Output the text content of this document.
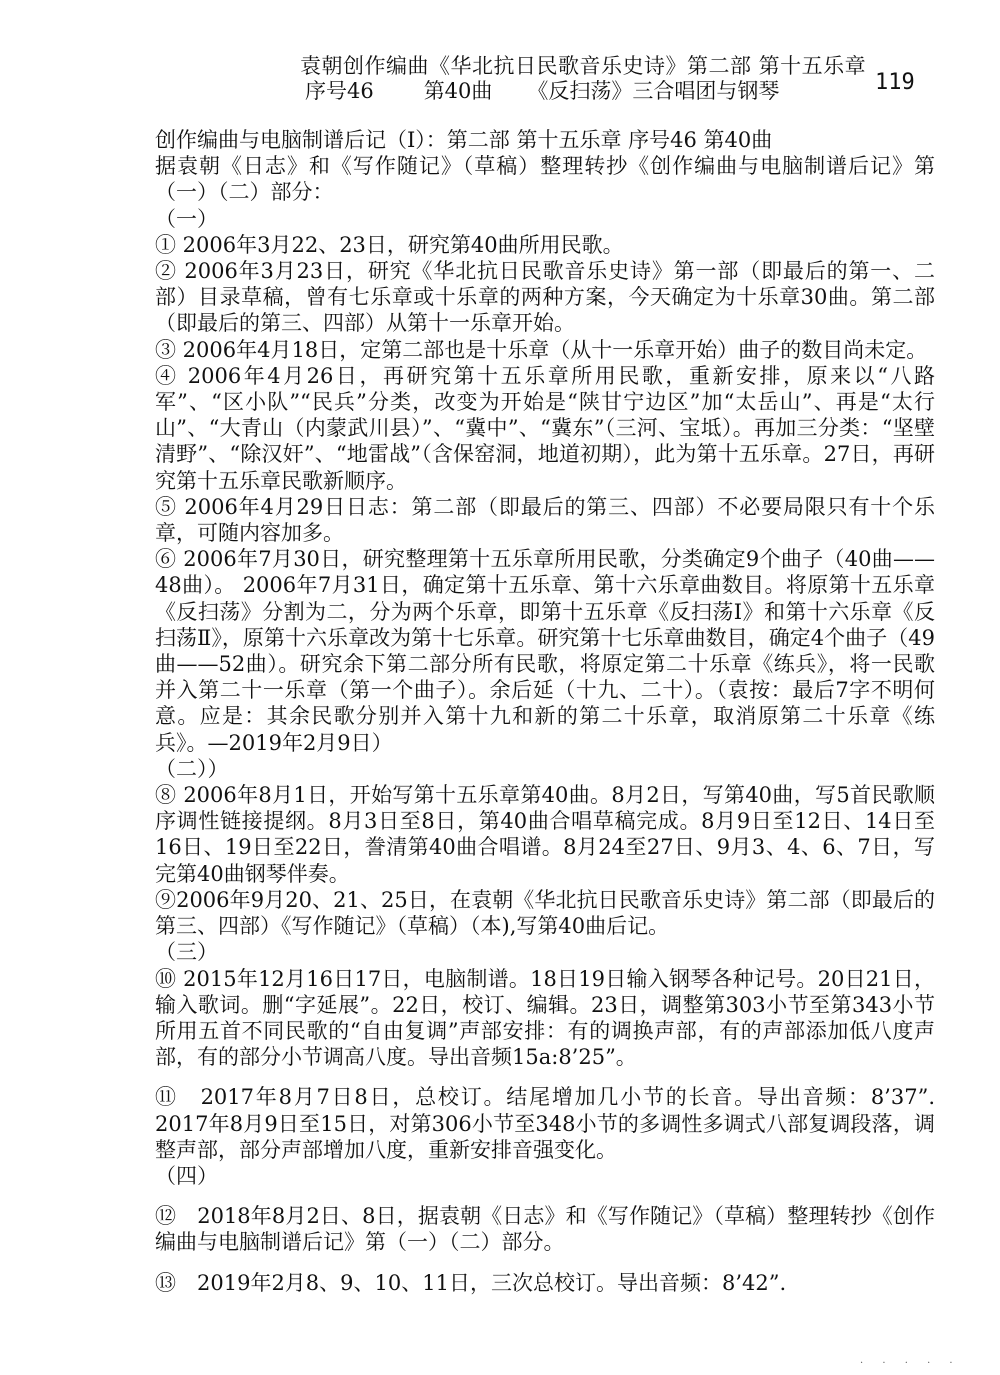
袁朝创作编曲《华北抗日民歌音乐史诗》第二部 第十五乐章
序号46 第40曲 《反扫荡》三合唱团与钢琴	119

创作编曲与电脑制谱后记（Ⅰ）：第二部 第十五乐章 序号46 第40曲

据袁朝《日志》和《写作随记》（草稿）整理转抄《创作编曲与电脑制谱后记》第（一）（二）部分：

（一）

① 2006年3月22、23日，研究第40曲所用民歌。

② 2006年3月23日，研究《华北抗日民歌音乐史诗》第一部（即最后的第一、二部）目录草稿，曾有七乐章或十乐章的两种方案，今天确定为十乐章30曲。第二部（即最后的第三、四部）从第十一乐章开始。

③ 2006年4月18日，定第二部也是十乐章（从十一乐章开始）曲子的数目尚未定。

④ 2006年4月26日，再研究第十五乐章所用民歌，重新安排，原来以“八路军”、“区小队”“民兵”分类，改变为开始是“陕甘宁边区”加“太岳山”、再是“太行山”、“大青山（内蒙武川县）”、“冀中”、“冀东”（三河、宝坻）。再加三分类：“坚壁清野”、“除汉奸”、“地雷战”（含保窑洞，地道初期），此为第十五乐章。27日，再研究第十五乐章民歌新顺序。

⑤ 2006年4月29日日志：第二部（即最后的第三、四部）不必要局限只有十个乐章，可随内容加多。

⑥ 2006年7月30日，研究整理第十五乐章所用民歌，分类确定9个曲子（40曲——48曲）。 2006年7月31日，确定第十五乐章、第十六乐章曲数目。将原第十五乐章《反扫荡》分割为二，分为两个乐章，即第十五乐章《反扫荡Ⅰ》和第十六乐章《反扫荡Ⅱ》，原第十六乐章改为第十七乐章。研究第十七乐章曲数目，确定4个曲子（49曲——52曲）。研究余下第二部分所有民歌，将原定第二十乐章《练兵》，将一民歌并入第二十一乐章（第一个曲子）。余后延（十九、二十）。（袁按：最后7字不明何意。应是：其余民歌分别并入第十九和新的第二十乐章，取消原第二十乐章《练兵》。—2019年2月9日）

（二））

⑧ 2006年8月1日，开始写第十五乐章第40曲。8月2日，写第40曲，写5首民歌顺序调性链接提纲。8月3日至8日，第40曲合唱草稿完成。8月9日至12日、14日至16日、19日至22日，誊清第40曲合唱谱。8月24至27日、9月3、4、6、7日，写完第40曲钢琴伴奏。

⑨2006年9月20、21、25日，在袁朝《华北抗日民歌音乐史诗》第二部（即最后的第三、四部）《写作随记》（草稿）（本),写第40曲后记。

（三）

⑩ 2015年12月16日17日，电脑制谱。18日19日输入钢琴各种记号。20日21日，输入歌词。删“字延展”。22日，校订、编辑。23日，调整第303小节至第343小节所用五首不同民歌的“自由复调”声部安排：有的调换声部，有的声部添加低八度声部，有的部分小节调高八度。导出音频15a:8’25”。

⑪　2017年8月7日8日，总校订。结尾增加几小节的长音。导出音频：8’37”. 2017年8月9日至15日，对第306小节至348小节的多调性多调式八部复调段落，调整声部，部分声部增加八度，重新安排音强变化。

（四）

⑫　2018年8月2日、8日，据袁朝《日志》和《写作随记》（草稿）整理转抄《创作编曲与电脑制谱后记》第（一）（二）部分。

⑬　2019年2月8、9、10、11日，三次总校订。导出音频：8’42”.

· · · · ·
